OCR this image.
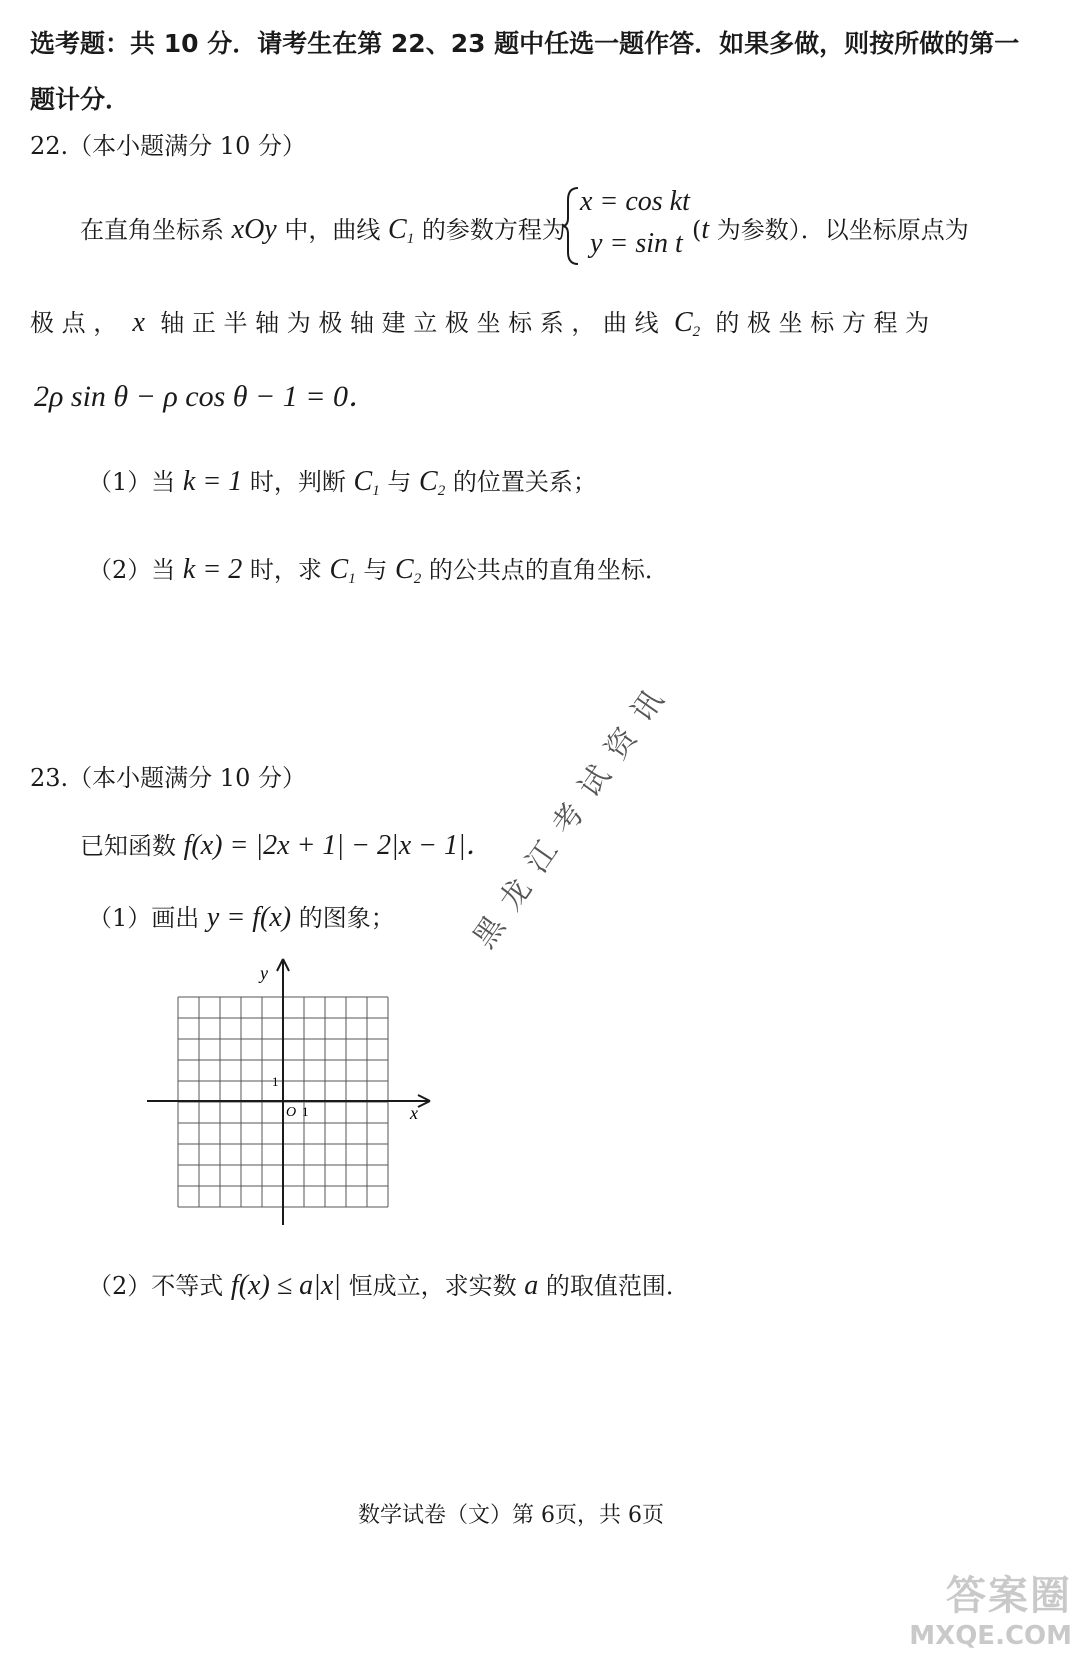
选考题：共 10 分．请考生在第 22、23 题中任选一题作答．如果多做，则按所做的第一
题计分．
22.（本小题满分 10 分）
在直角坐标系 xOy 中，曲线 $C_1$ 的参数方程为
x = cos kt
y = sin t (t 为参数）．以坐标原点为
极 点 ， x 轴 正 半 轴 为 极 轴 建 立 极 坐 标 系 ， 曲 线 $C_2$ 的 极 坐 标 方 程 为
2ρ sin θ − ρ cos θ − 1 = 0．
（1）当 k = 1 时，判断 $C_1$ 与 $C_2$ 的位置关系；
（2）当 k = 2 时，求 $C_1$ 与 $C_2$ 的公共点的直角坐标．
23.（本小题满分 10 分）
已知函数 f(x) = |2x + 1| − 2|x − 1|．
（1）画出 y = f(x) 的图象；
y
x
O 1
1
（2）不等式 f(x) ≤ a|x| 恒成立，求实数 a 的取值范围．
黑龙江考试资讯
数学试卷（文）第 6页，共 6页
答案圈
MXQE.COM
